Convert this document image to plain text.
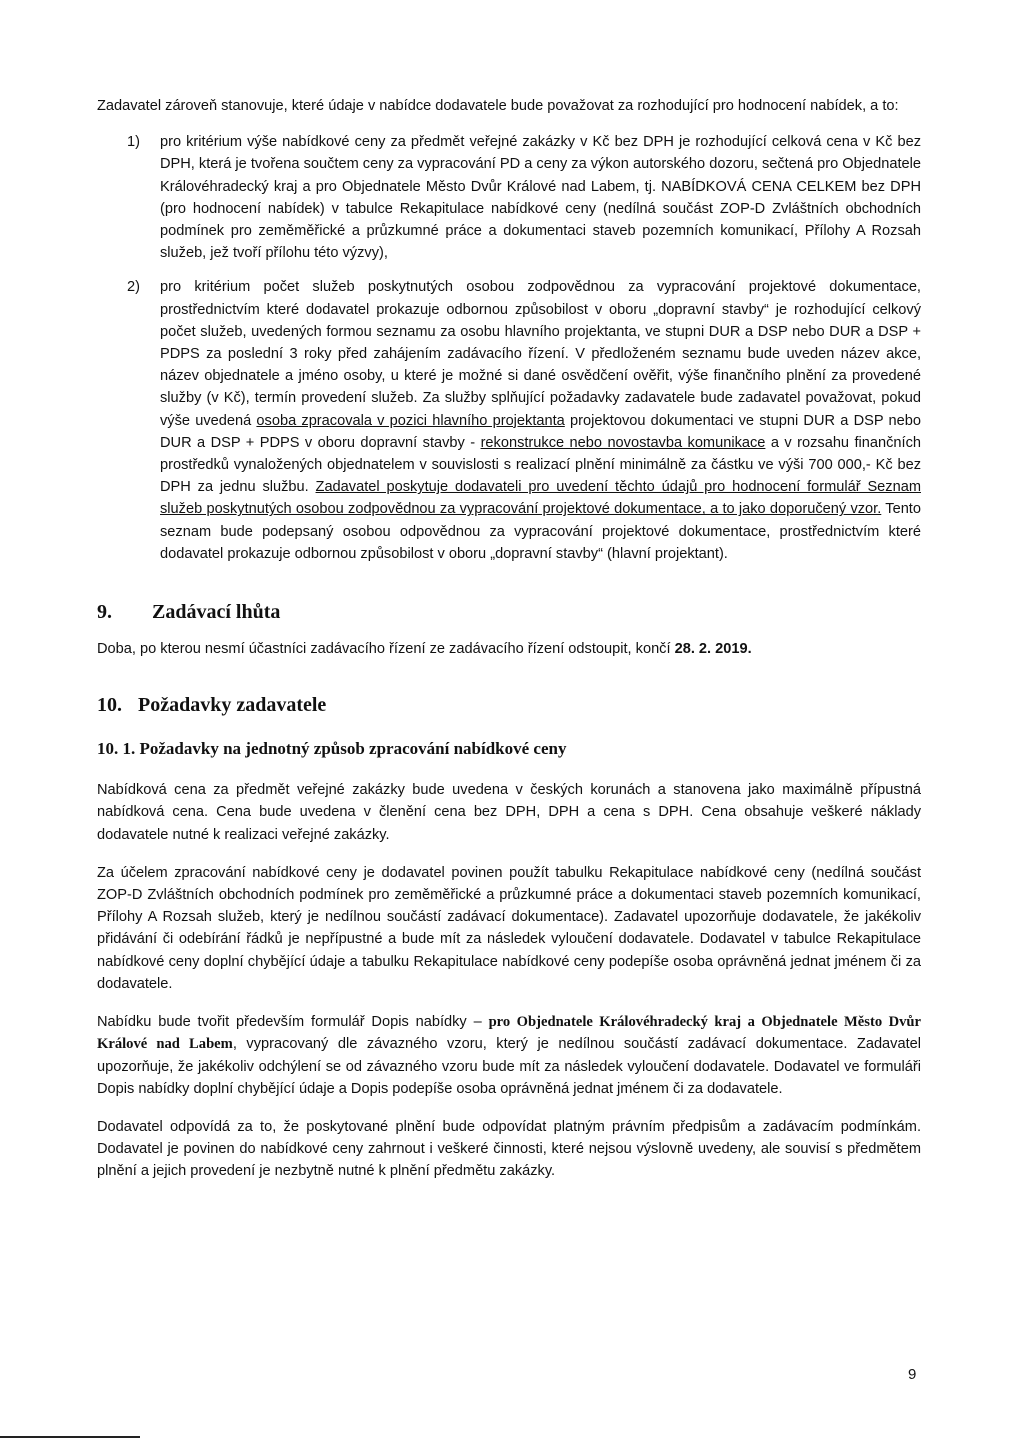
Zadavatel zároveň stanovuje, které údaje v nabídce dodavatele bude považovat za rozhodující pro hodnocení nabídek, a to:

1) pro kritérium výše nabídkové ceny za předmět veřejné zakázky v Kč bez DPH je rozhodující celková cena v Kč bez DPH, která je tvořena součtem ceny za vypracování PD a ceny za výkon autorského dozoru, sečtená pro Objednatele Královéhradecký kraj a pro Objednatele Město Dvůr Králové nad Labem, tj. NABÍDKOVÁ CENA CELKEM bez DPH (pro hodnocení nabídek) v tabulce Rekapitulace nabídkové ceny (nedílná součást ZOP-D Zvláštních obchodních podmínek pro zeměměřické a průzkumné práce a dokumentaci staveb pozemních komunikací, Přílohy A Rozsah služeb, jež tvoří přílohu této výzvy),

2) pro kritérium počet služeb poskytnutých osobou zodpovědnou za vypracování projektové dokumentace, prostřednictvím které dodavatel prokazuje odbornou způsobilost v oboru „dopravní stavby“ je rozhodující celkový počet služeb, uvedených formou seznamu za osobu hlavního projektanta, ve stupni DUR a DSP nebo DUR a DSP + PDPS za poslední 3 roky před zahájením zadávacího řízení. V předloženém seznamu bude uveden název akce, název objednatele a jméno osoby, u které je možné si dané osvědčení ověřit, výše finančního plnění za provedené služby (v Kč), termín provedení služeb. Za služby splňující požadavky zadavatele bude zadavatel považovat, pokud výše uvedená osoba zpracovala v pozici hlavního projektanta projektovou dokumentaci ve stupni DUR a DSP nebo DUR a DSP + PDPS v oboru dopravní stavby - rekonstrukce nebo novostavba komunikace a v rozsahu finančních prostředků vynaložených objednatelem v souvislosti s realizací plnění minimálně za částku ve výši 700 000,- Kč bez DPH za jednu službu. Zadavatel poskytuje dodavateli pro uvedení těchto údajů pro hodnocení formulář Seznam služeb poskytnutých osobou zodpovědnou za vypracování projektové dokumentace, a to jako doporučený vzor. Tento seznam bude podepsaný osobou odpovědnou za vypracování projektové dokumentace, prostřednictvím které dodavatel prokazuje odbornou způsobilost v oboru „dopravní stavby“ (hlavní projektant).

9. Zadávací lhůta

Doba, po kterou nesmí účastníci zadávacího řízení ze zadávacího řízení odstoupit, končí 28. 2. 2019.

10. Požadavky zadavatele
10. 1. Požadavky na jednotný způsob zpracování nabídkové ceny

Nabídková cena za předmět veřejné zakázky bude uvedena v českých korunách a stanovena jako maximálně přípustná nabídková cena. Cena bude uvedena v členění cena bez DPH, DPH a cena s DPH. Cena obsahuje veškeré náklady dodavatele nutné k realizaci veřejné zakázky.

Za účelem zpracování nabídkové ceny je dodavatel povinen použít tabulku Rekapitulace nabídkové ceny (nedílná součást ZOP-D Zvláštních obchodních podmínek pro zeměměřické a průzkumné práce a dokumentaci staveb pozemních komunikací, Přílohy A Rozsah služeb, který je nedílnou součástí zadávací dokumentace). Zadavatel upozorňuje dodavatele, že jakékoliv přidávání či odebírání řádků je nepřípustné a bude mít za následek vyloučení dodavatele. Dodavatel v tabulce Rekapitulace nabídkové ceny doplní chybějící údaje a tabulku Rekapitulace nabídkové ceny podepíše osoba oprávněná jednat jménem či za dodavatele.

Nabídku bude tvořit především formulář Dopis nabídky – pro Objednatele Královéhradecký kraj a Objednatele Město Dvůr Králové nad Labem, vypracovaný dle závazného vzoru, který je nedílnou součástí zadávací dokumentace. Zadavatel upozorňuje, že jakékoliv odchýlení se od závazného vzoru bude mít za následek vyloučení dodavatele. Dodavatel ve formuláři Dopis nabídky doplní chybějící údaje a Dopis podepíše osoba oprávněná jednat jménem či za dodavatele.

Dodavatel odpovídá za to, že poskytované plnění bude odpovídat platným právním předpisům a zadávacím podmínkám. Dodavatel je povinen do nabídkové ceny zahrnout i veškeré činnosti, které nejsou výslovně uvedeny, ale souvisí s předmětem plnění a jejich provedení je nezbytně nutné k plnění předmětu zakázky.

9
